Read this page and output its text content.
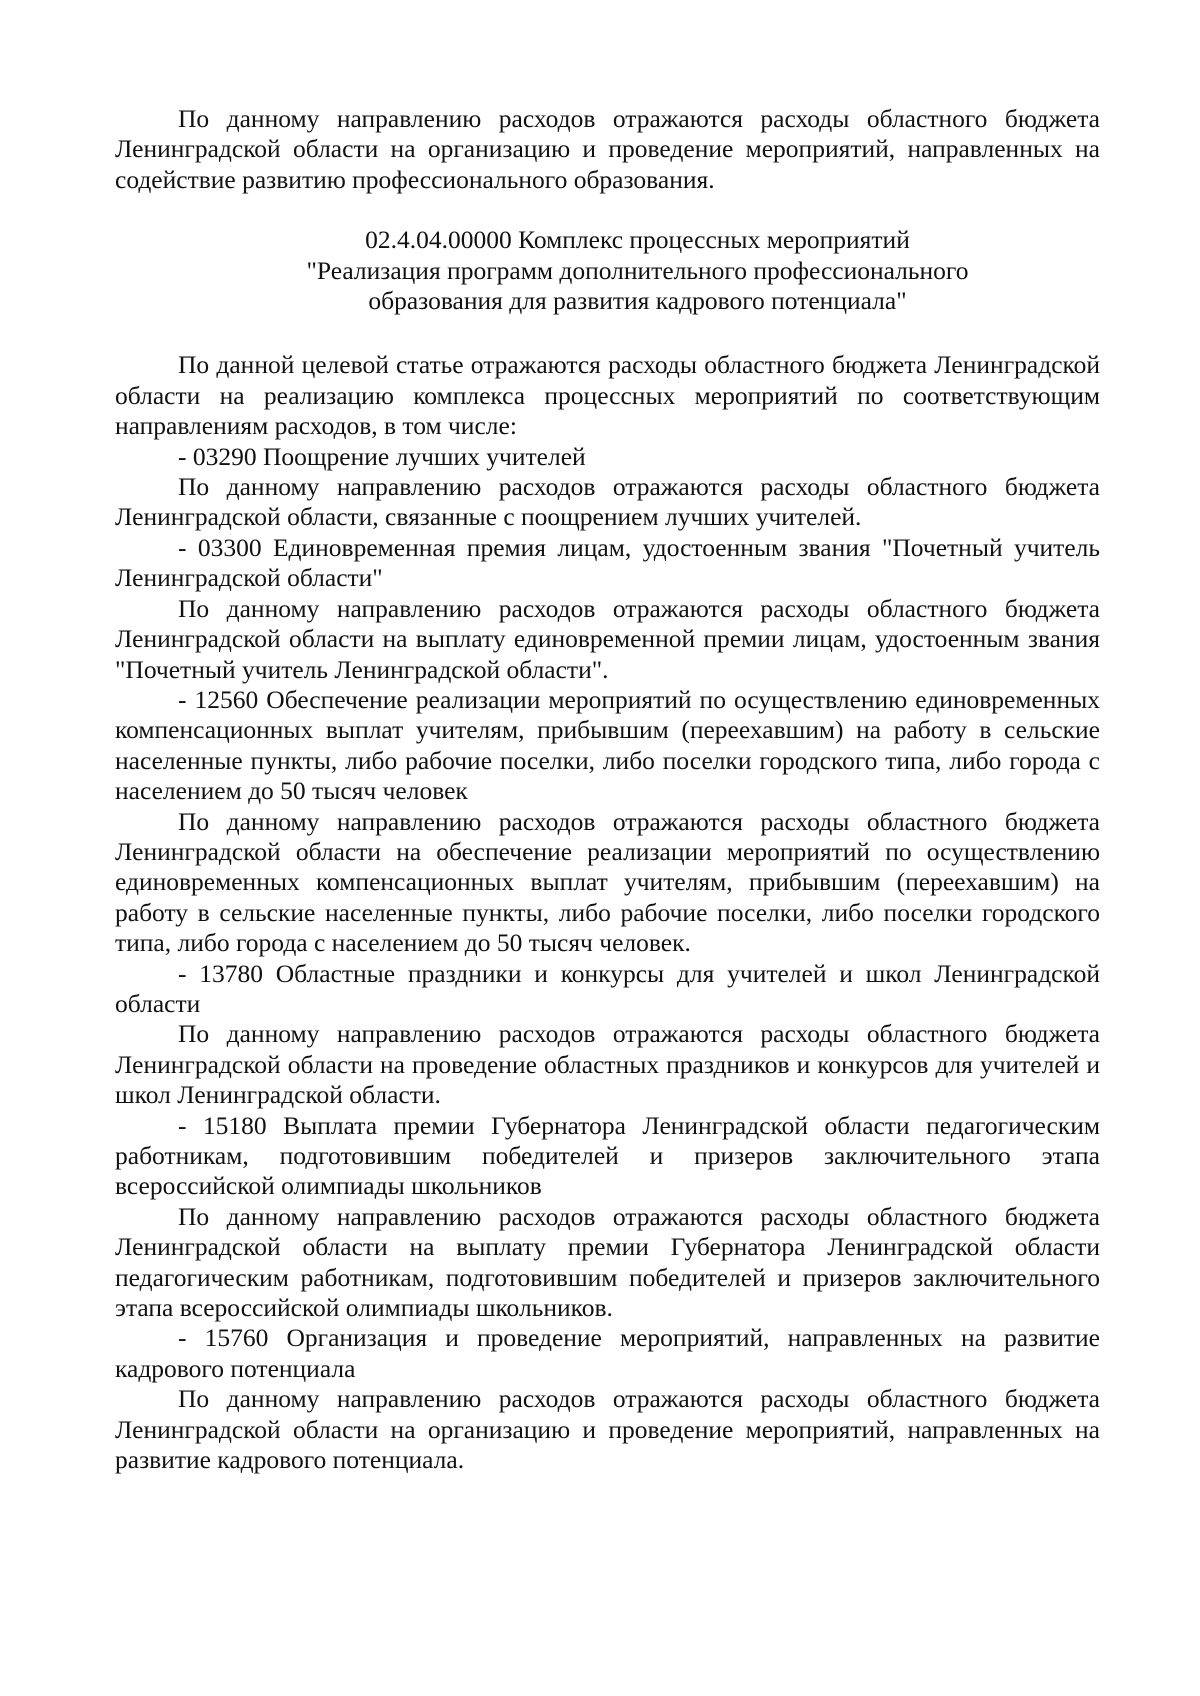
По данному направлению расходов отражаются расходы областного бюджета Ленинградской области на организацию и проведение мероприятий, направленных на содействие развитию профессионального образования.

02.4.04.00000 Комплекс процессных мероприятий
"Реализация программ дополнительного профессионального
образования для развития кадрового потенциала"

По данной целевой статье отражаются расходы областного бюджета Ленинградской области на реализацию комплекса процессных мероприятий по соответствующим направлениям расходов, в том числе:

- 03290 Поощрение лучших учителей

По данному направлению расходов отражаются расходы областного бюджета Ленинградской области, связанные с поощрением лучших учителей.

- 03300 Единовременная премия лицам, удостоенным звания "Почетный учитель Ленинградской области"

По данному направлению расходов отражаются расходы областного бюджета Ленинградской области на выплату единовременной премии лицам, удостоенным звания "Почетный учитель Ленинградской области".

- 12560 Обеспечение реализации мероприятий по осуществлению единовременных компенсационных выплат учителям, прибывшим (переехавшим) на работу в сельские населенные пункты, либо рабочие поселки, либо поселки городского типа, либо города с населением до 50 тысяч человек

По данному направлению расходов отражаются расходы областного бюджета Ленинградской области на обеспечение реализации мероприятий по осуществлению единовременных компенсационных выплат учителям, прибывшим (переехавшим) на работу в сельские населенные пункты, либо рабочие поселки, либо поселки городского типа, либо города с населением до 50 тысяч человек.

- 13780 Областные праздники и конкурсы для учителей и школ Ленинградской области

По данному направлению расходов отражаются расходы областного бюджета Ленинградской области на проведение областных праздников и конкурсов для учителей и школ Ленинградской области.

- 15180 Выплата премии Губернатора Ленинградской области педагогическим работникам, подготовившим победителей и призеров заключительного этапа всероссийской олимпиады школьников

По данному направлению расходов отражаются расходы областного бюджета Ленинградской области на выплату премии Губернатора Ленинградской области педагогическим работникам, подготовившим победителей и призеров заключительного этапа всероссийской олимпиады школьников.

- 15760 Организация и проведение мероприятий, направленных на развитие кадрового потенциала

По данному направлению расходов отражаются расходы областного бюджета Ленинградской области на организацию и проведение мероприятий, направленных на развитие кадрового потенциала.
